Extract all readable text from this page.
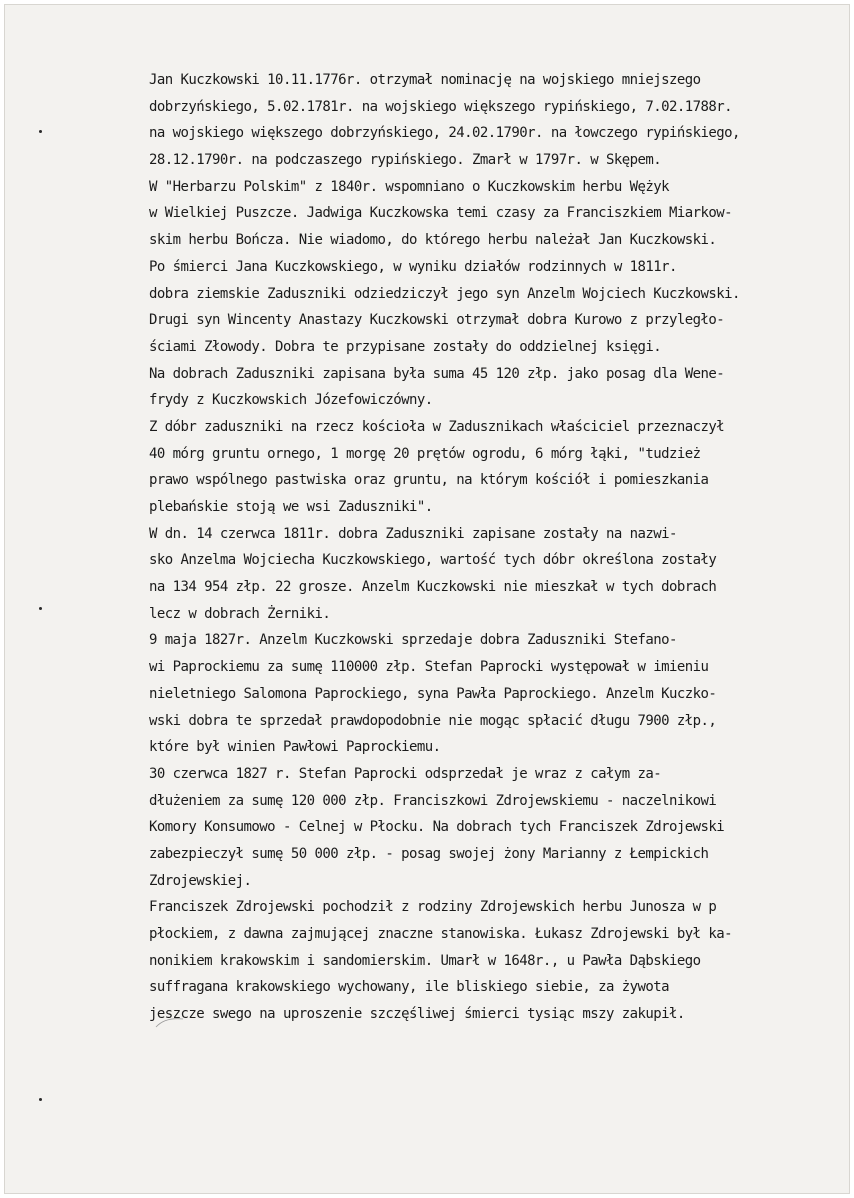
Jan Kuczkowski 10.11.1776r. otrzymał nominację na wojskiego mniejszego
dobrzyńskiego, 5.02.1781r. na wojskiego większego rypińskiego, 7.02.1788r.
na wojskiego większego dobrzyńskiego, 24.02.1790r. na łowczego rypińskiego,
28.12.1790r. na podczaszego rypińskiego. Zmarł w 1797r. w Skępem.
W "Herbarzu Polskim" z 1840r. wspomniano o Kuczkowskim herbu Wężyk
w Wielkiej Puszcze. Jadwiga Kuczkowska temi czasy za Franciszkiem Miarkow-
skim herbu Bończa. Nie wiadomo, do którego herbu należał Jan Kuczkowski.
Po śmierci Jana Kuczkowskiego, w wyniku działów rodzinnych w 1811r.
dobra ziemskie Zaduszniki odziedziczył jego syn Anzelm Wojciech Kuczkowski.
Drugi syn Wincenty Anastazy Kuczkowski otrzymał dobra Kurowo z przyległo-
ściami Złowody. Dobra te przypisane zostały do oddzielnej księgi.
Na dobrach Zaduszniki zapisana była suma 45 120 złp. jako posag dla Wene-
frydy z Kuczkowskich Józefowiczówny.
Z dóbr zaduszniki na rzecz kościoła w Zadusznikach właściciel przeznaczył
40 mórg gruntu ornego, 1 morgę 20 prętów ogrodu, 6 mórg łąki, "tudzież
prawo wspólnego pastwiska oraz gruntu, na którym kościół i pomieszkania
plebańskie stoją we wsi Zaduszniki".
W dn. 14 czerwca 1811r. dobra Zaduszniki zapisane zostały na nazwi-
sko Anzelma Wojciecha Kuczkowskiego, wartość tych dóbr określona zostały
na 134 954 złp. 22 grosze. Anzelm Kuczkowski nie mieszkał w tych dobrach
lecz w dobrach Żerniki.
9 maja 1827r. Anzelm Kuczkowski sprzedaje dobra Zaduszniki Stefano-
wi Paprockiemu za sumę 110000 złp. Stefan Paprocki występował w imieniu
nieletniego Salomona Paprockiego, syna Pawła Paprockiego. Anzelm Kuczko-
wski dobra te sprzedał prawdopodobnie nie mogąc spłacić długu 7900 złp.,
które był winien Pawłowi Paprockiemu.
30 czerwca 1827 r. Stefan Paprocki odsprzedał je wraz z całym za-
dłużeniem za sumę 120 000 złp. Franciszkowi Zdrojewskiemu - naczelnikowi
Komory Konsumowo - Celnej w Płocku. Na dobrach tych Franciszek Zdrojewski
zabezpieczył sumę 50 000 złp. - posag swojej żony Marianny z Łempickich
Zdrojewskiej.
Franciszek Zdrojewski pochodził z rodziny Zdrojewskich herbu Junosza w p
płockiem, z dawna zajmującej znaczne stanowiska. Łukasz Zdrojewski był ka-
nonikiem krakowskim i sandomierskim. Umarł w 1648r., u Pawła Dąbskiego
suffragana krakowskiego wychowany, ile bliskiego siebie, za żywota
jeszcze swego na uproszenie szczęśliwej śmierci tysiąc mszy zakupił.
